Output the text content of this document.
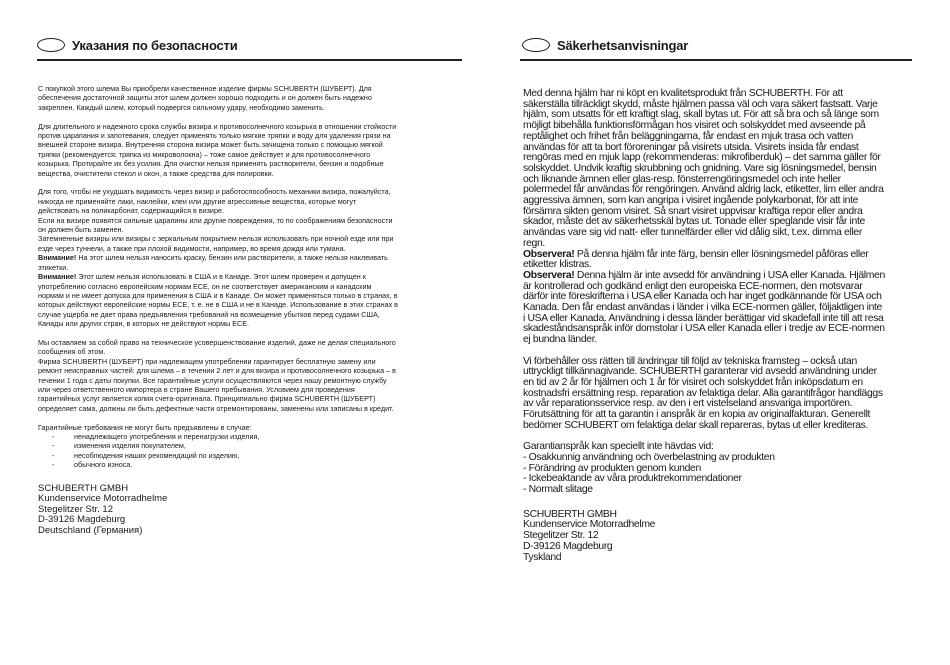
Указания по безопасности

С покупкой этого шлема Вы приобрели качественное изделие фирмы SCHUBERTH (ШУБЕРТ). Для обеспечения достаточной защиты этот шлем должен хорошо подходить и он должен быть надежно закреплен. Каждый шлем, который подвергся сильному удару, необходимо заменить.

Для длительного и надежного срока службы визира и противосолнечного козырька в отношении стойкости против царапания и запотевания, следует применять только мягкие тряпки и воду для удаления грязи на внешней стороне визира. Внутренняя сторона визира может быть зачищена только с помощью мягкой тряпки (рекомендуется: тряпка из микроволокна) – тоже самое действует и для противосолнечного козырька. Протирайте их без усилия. Для очистки нельзя применять растворители, бензин и подобные вещества, очистители стекол и окон, а также средства для полировки.

Для того, чтобы не ухудшать видимость через визир и работоспособность механики визира, пожалуйста, никогда не применяйте лаки, наклейки, клеи или другие агрессивные вещества, которые могут действовать на поликарбонат, содержащийся в визире.
Если на визире появятся сильные царапины или другие повреждения, то по соображениям безопасности он должен быть заменен.
Затемненные визиры или визиры с зеркальным покрытием нельзя использовать при ночной езде или при езде через туннели, а также при плохой видимости, например, во время дождя или тумана.
Внимание! На этот шлем нельзя наносить краску, бензин или растворители, а также нельзя наклеивать этикетки.

Внимание! Этот шлем нельзя использовать в США и в Канаде. Этот шлем проверен и допущен к употреблению согласно европейским нормам ECE, он не соответствует американским и канадским нормам и не имеет допуска для применения в США и в Канаде. Он может применяться только в странах, в которых действуют европейские нормы ECE, т. е. не в США и не в Канаде. Использование в этих странах в случае ущерба не дает права предъявления требований на возмещение убытков перед судами США, Канады или других стран, в которых не действуют нормы ECE.

Мы оставляем за собой право на техническое усовершенствование изделий, даже не делая специального сообщения об этом.

Фирма SCHUBERTH (ШУБЕРТ) при надлежащем употреблении гарантирует бесплатную замену или ремонт неисправных частей: для шлема – в течении 2 лет и для визира и противосолнечного козырька – в течении 1 года с даты покупки. Все гарантийные услуги осуществляются через нашу ремонтную службу или через ответственного импортера в стране Вашего пребывания. Условием для проведения гарантийных услуг является копия счета-оригинала. Принципиально фирма SCHUBERTH (ШУБЕРТ) определяет сама, должны ли быть дефектные части отремонтированы, заменены или записаны в кредит.

Гарантийные требования не могут быть предъявлены в случае:
-	ненадлежащего употребления и перенагрузки изделия,
-	изменения изделия покупателем,
-	несоблюдения наших рекомендаций по изделию,
-	обычного износа.
SCHUBERTH GMBH
Kundenservice Motorradhelme
Stegelitzer Str. 12
D-39126 Magdeburg
Deutschland (Германия)
Säkerhetsanvisningar
Med denna hjälm har ni köpt en kvalitetsprodukt från SCHUBERTH. För att säkerställa tillräckligt skydd, måste hjälmen passa väl och vara säkert fastsatt. Varje hjälm, som utsatts för ett kraftigt slag, skall bytas ut. För att så bra och så länge som möjligt bibehålla funktionsförmågan hos visiret och solskyddet med avseende på reptålighet och frihet från beläggningarna, får endast en mjuk trasa och vatten användas för att ta bort föroreningar på visirets utsida. Visirets insida får endast rengöras med en mjuk lapp (rekommenderas: mikrofiberduk) – det samma gäller för solskyddet. Undvik kraftig skrubbning och gnidning. Vare sig lösningsmedel, bensin och liknande ämnen eller glas-resp. fönsterrengöringsmedel och inte heller polermedel får användas för rengöringen. Använd aldrig lack, etiketter, lim eller andra aggressiva ämnen, som kan angripa i visiret ingående polykarbonat, för att inte försämra sikten genom visiret. Så snart visiret uppvisar kraftiga repor eller andra skador, måste det av säkerhetsskäl bytas ut. Tonade eller speglande visir får inte användas vare sig vid natt- eller tunnelfärder eller vid dålig sikt, t.ex. dimma eller regn.
Observera! På denna hjälm får inte färg, bensin eller lösningsmedel påföras eller etiketter klistras.

Observera! Denna hjälm är inte avsedd för användning i USA eller Kanada. Hjälmen är kontrollerad och godkänd enligt den europeiska ECE-normen, den motsvarar därför inte föreskrifterna i USA eller Kanada och har inget godkännande för USA och Kanada. Den får endast användas i länder i vilka ECE-normen gäller, följaktligen inte i USA eller Kanada. Användning i dessa länder berättigar vid skadefall inte till att resa skadeståndsanspråk inför domstolar i USA eller Kanada eller i tredje av ECE-normen ej bundna länder.

Vi förbehåller oss rätten till ändringar till följd av tekniska framsteg – också utan uttryckligt tillkännagivande. SCHUBERTH garanterar vid avsedd användning under en tid av 2 år för hjälmen och 1 år för visiret och solskyddet från inköpsdatum en kostnadsfri ersättning resp. reparation av felaktiga delar. Alla garantifrågor handläggs av vår reparationsservice resp. av den i ert vistelseland ansvariga importören. Förutsättning för att ta garantin i anspråk är en kopia av originalfakturan. Generellt bedömer SCHUBERT om felaktiga delar skall repareras, bytas ut eller krediteras.

Garantianspråk kan speciellt inte hävdas vid:
- Osakkunnig användning och överbelastning av produkten
- Förändring av produkten genom kunden
- Ickebeaktande av våra produktrekommendationer
- Normalt slitage
SCHUBERTH GMBH
Kundenservice Motorradhelme
Stegelitzer Str. 12
D-39126 Magdeburg
Tyskland
